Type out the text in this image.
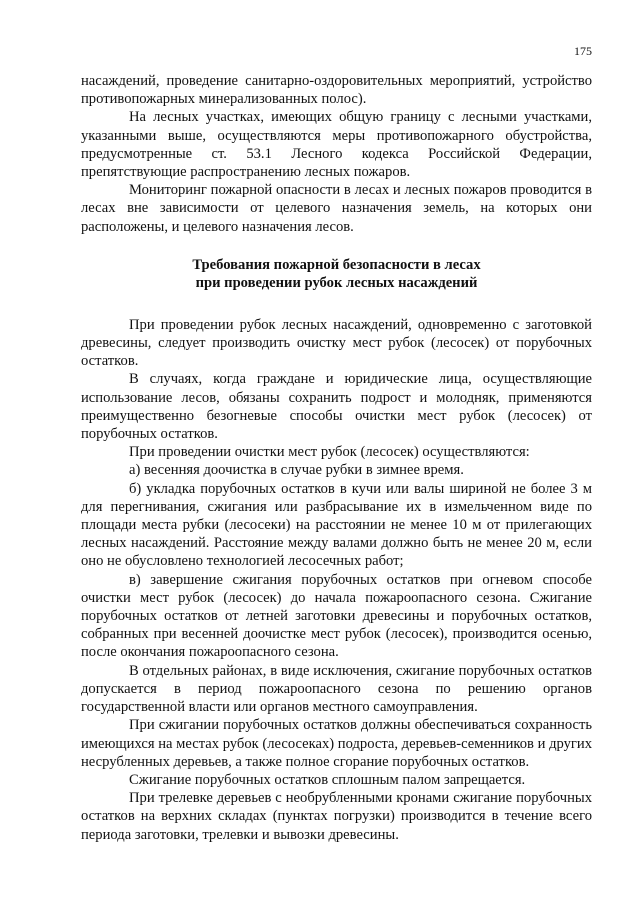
175

насаждений, проведение санитарно-оздоровительных мероприятий, устройство противопожарных минерализованных полос).

На лесных участках, имеющих общую границу с лесными участками, указанными выше, осуществляются меры противопожарного обустройства, предусмотренные ст. 53.1 Лесного кодекса Российской Федерации, препятствующие распространению лесных пожаров.

Мониторинг пожарной опасности в лесах и лесных пожаров проводится в лесах вне зависимости от целевого назначения земель, на которых они расположены, и целевого назначения лесов.

Требования пожарной безопасности в лесах
при проведении рубок лесных насаждений

При проведении рубок лесных насаждений, одновременно с заготовкой древесины, следует производить очистку мест рубок (лесосек) от порубочных остатков.

В случаях, когда граждане и юридические лица, осуществляющие использование лесов, обязаны сохранить подрост и молодняк, применяются преимущественно безогневые способы очистки мест рубок (лесосек) от порубочных остатков.

При проведении очистки мест рубок (лесосек) осуществляются:

а) весенняя доочистка в случае рубки в зимнее время.

б) укладка порубочных остатков в кучи или валы шириной не более 3 м для перегнивания, сжигания или разбрасывание их в измельченном виде по площади места рубки (лесосеки) на расстоянии не менее 10 м от прилегающих лесных насаждений. Расстояние между валами должно быть не менее 20 м, если оно не обусловлено технологией лесосечных работ;

в) завершение сжигания порубочных остатков при огневом способе очистки мест рубок (лесосек) до начала пожароопасного сезона. Сжигание порубочных остатков от летней заготовки древесины и порубочных остатков, собранных при весенней доочистке мест рубок (лесосек), производится осенью, после окончания пожароопасного сезона.

В отдельных районах, в виде исключения, сжигание порубочных остатков допускается в период пожароопасного сезона по решению органов государственной власти или органов местного самоуправления.

При сжигании порубочных остатков должны обеспечиваться сохранность имеющихся на местах рубок (лесосеках) подроста, деревьев-семенников и других несрубленных деревьев, а также полное сгорание порубочных остатков.

Сжигание порубочных остатков сплошным палом запрещается.

При трелевке деревьев с необрубленными кронами сжигание порубочных остатков на верхних складах (пунктах погрузки) производится в течение всего периода заготовки, трелевки и вывозки древесины.
